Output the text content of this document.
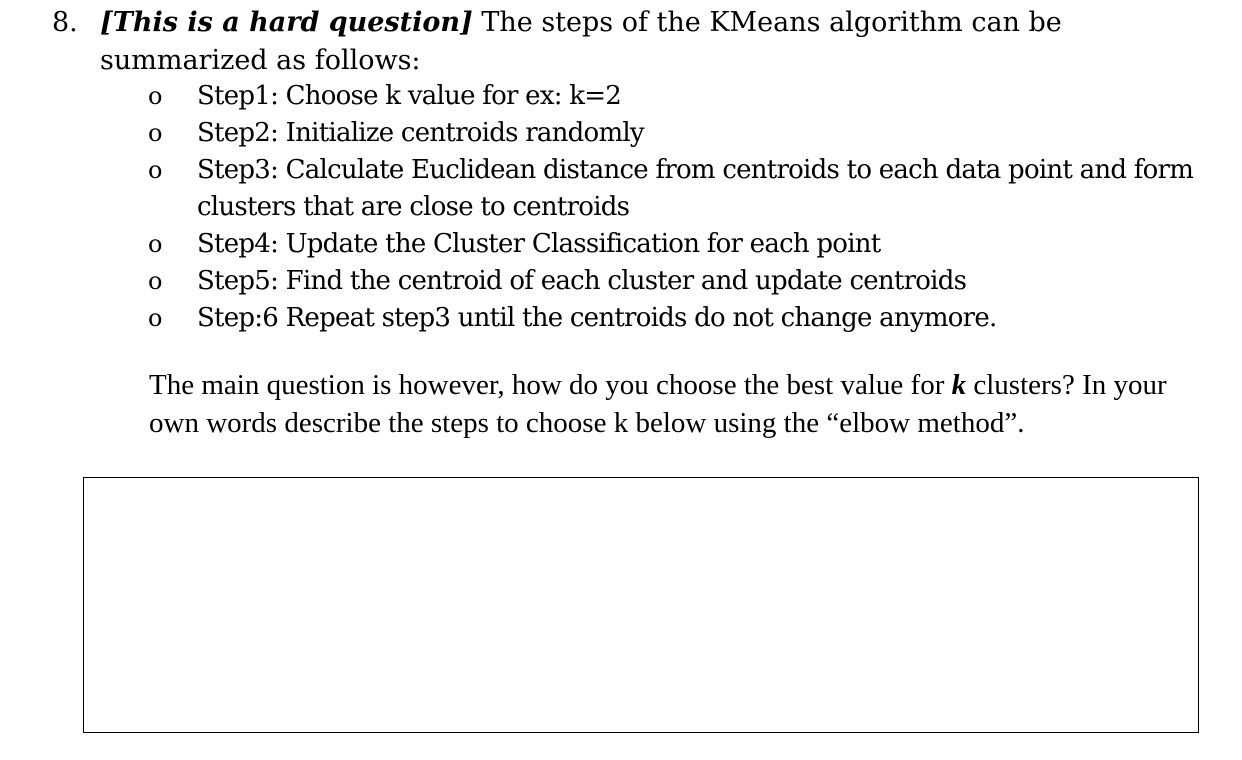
8. [This is a hard question] The steps of the KMeans algorithm can be summarized as follows:
o Step1: Choose k value for ex: k=2
o Step2: Initialize centroids randomly
o Step3: Calculate Euclidean distance from centroids to each data point and form clusters that are close to centroids
o Step4: Update the Cluster Classification for each point
o Step5: Find the centroid of each cluster and update centroids
o Step:6 Repeat step3 until the centroids do not change anymore.

The main question is however, how do you choose the best value for k clusters? In your own words describe the steps to choose k below using the “elbow method”.
